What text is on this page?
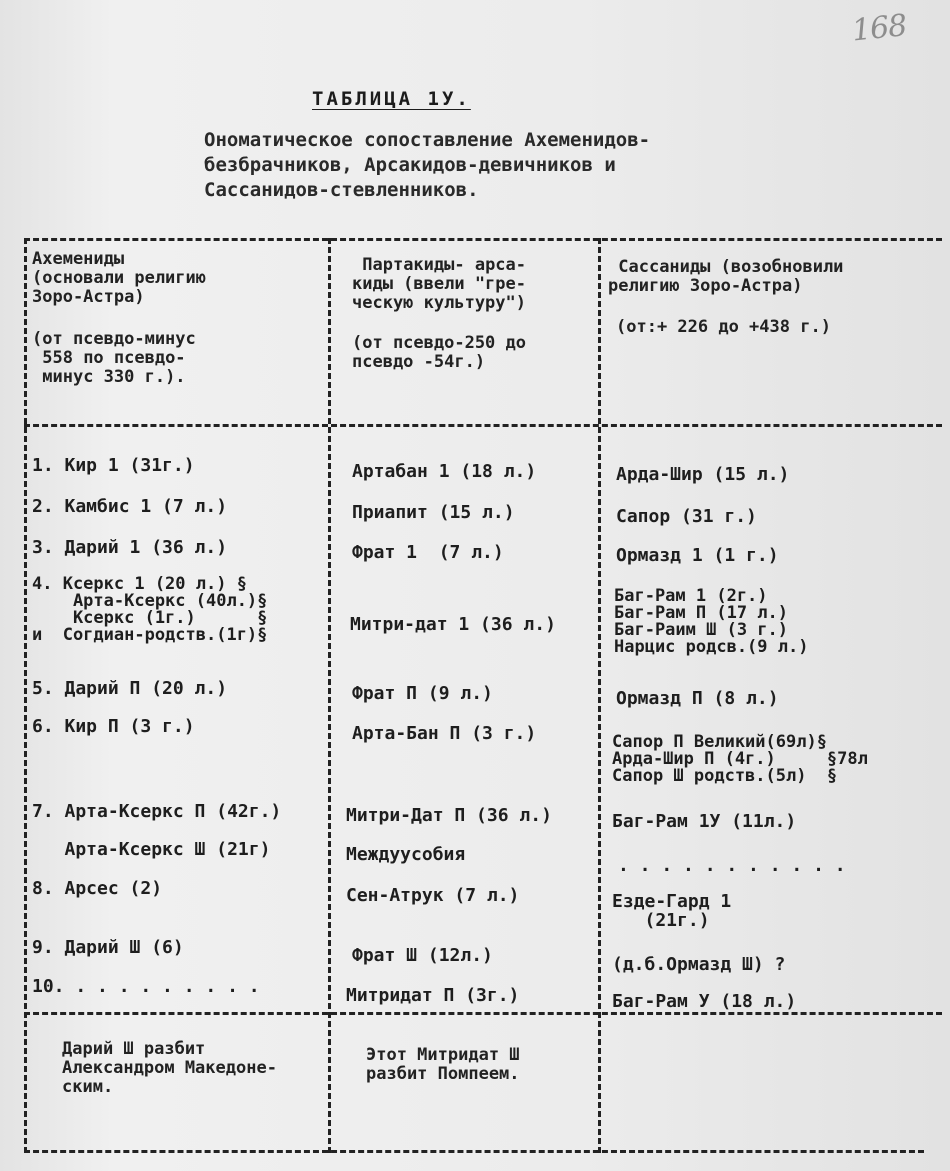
168
ТАБЛИЦА 1У.
Ономатическое сопоставление Ахеменидов-
безбрачников, Арсакидов-девичников и
Сассанидов-стевленников.
Ахемениды
(основали религию
Зоро-Астра)
(от псевдо-минус
558 по псевдо-
минус 330 г.).
Партакиды- арса-
киды (ввели "гре-
ческую культуру")
(от псевдо-250 до
псевдо -54г.)
Сассаниды (возобновили
религию Зоро-Астра)
(от:+ 226 до +438 г.)
1. Кир 1 (31г.)
2. Камбис 1 (7 л.)
3. Дарий 1 (36 л.)
4. Ксеркс 1 (20 л.) §
Арта-Ксеркс (40л.)§
Ксеркс (1г.)      §
и  Согдиан-родств.(1г)§
5. Дарий П (20 л.)
6. Кир П (3 г.)
7. Арта-Ксеркс П (42г.)
Арта-Ксеркс Ш (21г)
8. Арсес (2)
9. Дарий Ш (6)
10. . . . . . . . . .
Артабан 1 (18 л.)
Приапит (15 л.)
Фрат 1  (7 л.)
Митри-дат 1 (36 л.)
Фрат П (9 л.)
Арта-Бан П (3 г.)
Митри-Дат П (36 л.)
Междуусобия
Сен-Атрук (7 л.)
Фрат Ш (12л.)
Митридат П (3г.)
Арда-Шир (15 л.)
Сапор (31 г.)
Ормазд 1 (1 г.)
Баг-Рам 1 (2г.)
Баг-Рам П (17 л.)
Баг-Раим Ш (3 г.)
Нарцис родсв.(9 л.)
Ормазд П (8 л.)
Сапор П Великий(69л)§
Арда-Шир П (4г.)     §78л
Сапор Ш родств.(5л)  §
Баг-Рам 1У (11л.)
. . . . . . . . . . .
Езде-Гард 1
(21г.)
(д.б.Ормазд Ш) ?
Баг-Рам У (18 л.)
Дарий Ш разбит
Александром Македоне-
ским.
Этот Митридат Ш
разбит Помпеем.
